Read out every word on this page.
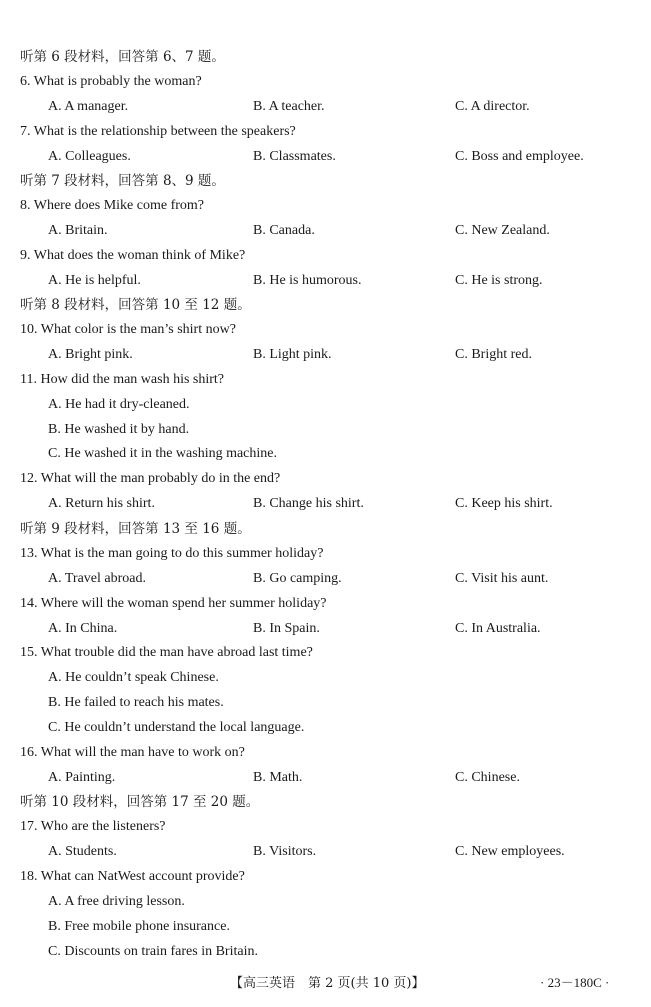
听第 6 段材料，回答第 6、7 题。
6. What is probably the woman?
A. A manager.	B. A teacher.	C. A director.
7. What is the relationship between the speakers?
A. Colleagues.	B. Classmates.	C. Boss and employee.
听第 7 段材料，回答第 8、9 题。
8. Where does Mike come from?
A. Britain.	B. Canada.	C. New Zealand.
9. What does the woman think of Mike?
A. He is helpful.	B. He is humorous.	C. He is strong.
听第 8 段材料，回答第 10 至 12 题。
10. What color is the man’s shirt now?
A. Bright pink.	B. Light pink.	C. Bright red.
11. How did the man wash his shirt?
A. He had it dry-cleaned.
B. He washed it by hand.
C. He washed it in the washing machine.
12. What will the man probably do in the end?
A. Return his shirt.	B. Change his shirt.	C. Keep his shirt.
听第 9 段材料，回答第 13 至 16 题。
13. What is the man going to do this summer holiday?
A. Travel abroad.	B. Go camping.	C. Visit his aunt.
14. Where will the woman spend her summer holiday?
A. In China.	B. In Spain.	C. In Australia.
15. What trouble did the man have abroad last time?
A. He couldn’t speak Chinese.
B. He failed to reach his mates.
C. He couldn’t understand the local language.
16. What will the man have to work on?
A. Painting.	B. Math.	C. Chinese.
听第 10 段材料，回答第 17 至 20 题。
17. Who are the listeners?
A. Students.	B. Visitors.	C. New employees.
18. What can NatWest account provide?
A. A free driving lesson.
B. Free mobile phone insurance.
C. Discounts on train fares in Britain.
【高三英语　第 2 页(共 10 页)】	· 23－180C ·
